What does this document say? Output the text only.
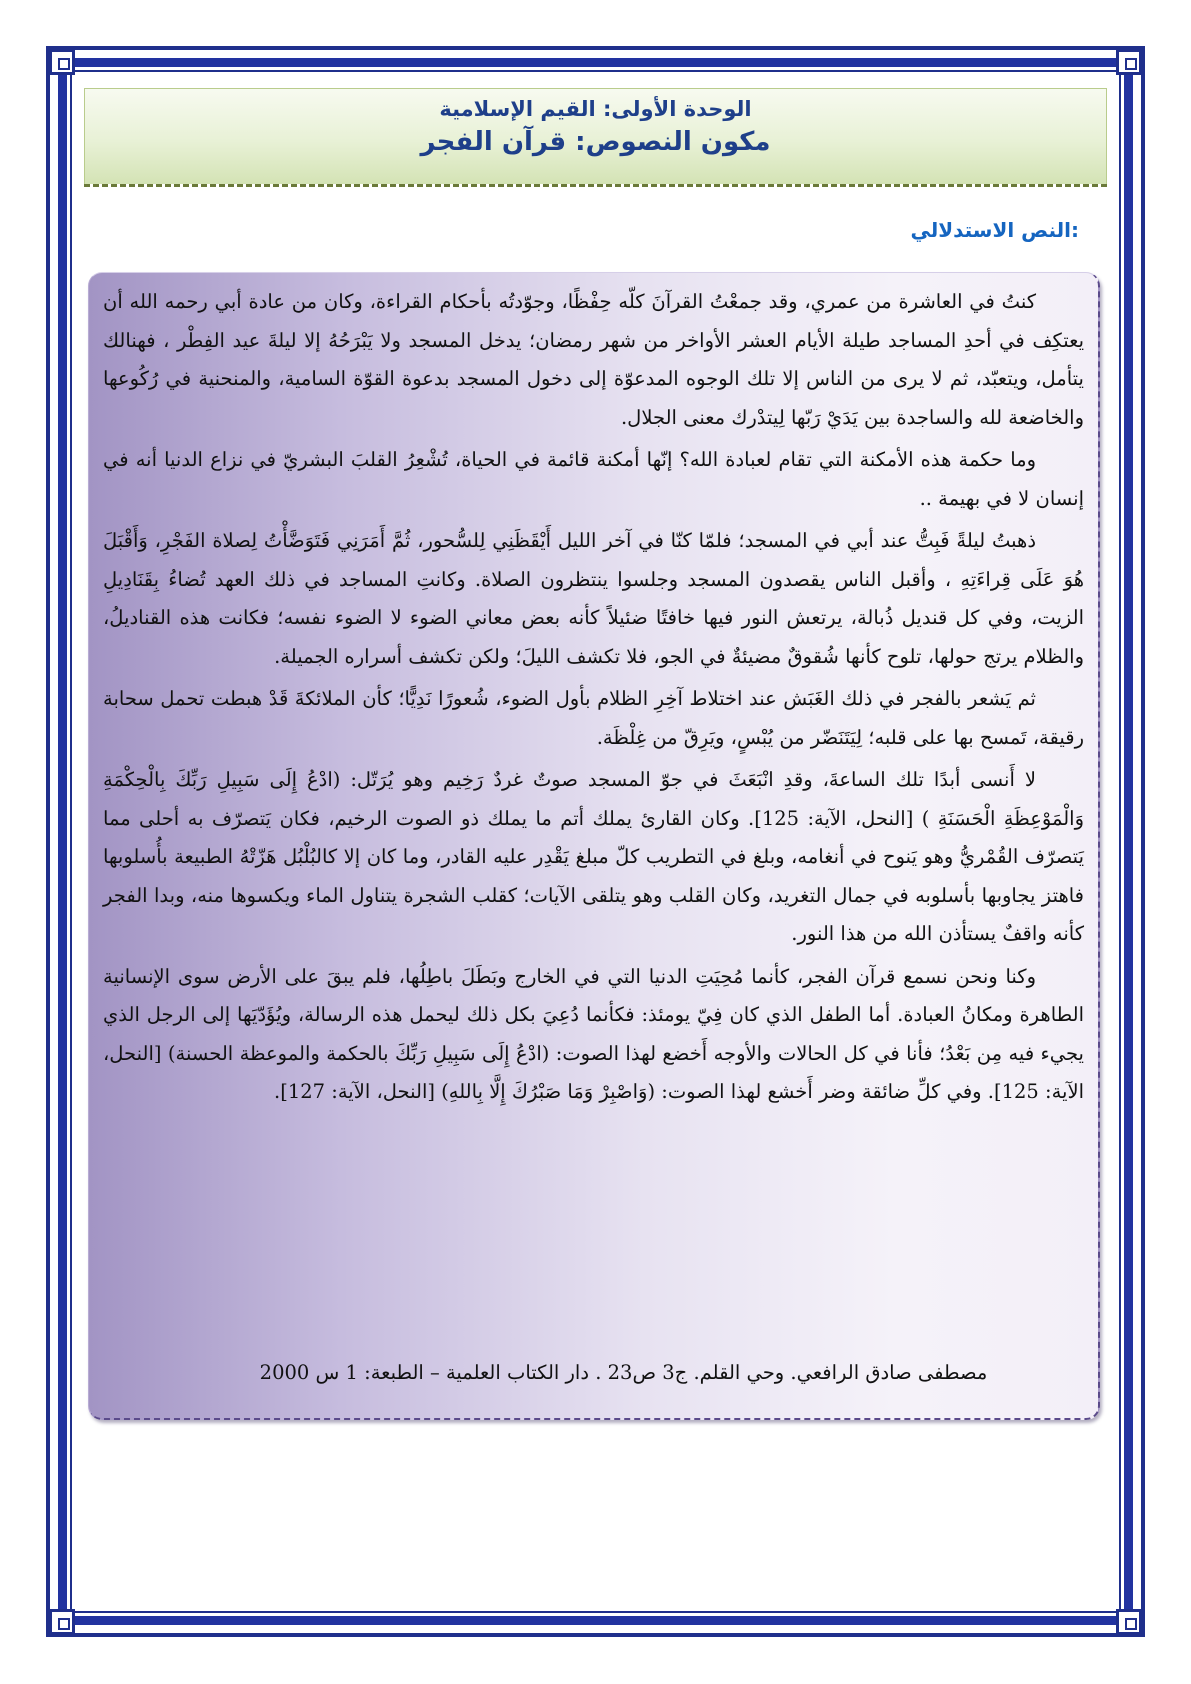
الوحدة الأولى: القيم الإسلامية
مكون النصوص: قرآن الفجر
النص الاستدلالي:

كنتُ في العاشرة من عمري، وقد جمعْتُ القرآنَ كلّه حِفْظًا، وجوّدتُه بأحكام القراءة، وكان من عادة أبي رحمه الله أن يعتكِف في أحدِ المساجد طيلة الأيام العشر الأواخر من شهر رمضان؛ يدخل المسجد ولا يَبْرَحُهُ إلا ليلةَ عيد الفِطْر ، فهنالك يتأمل، ويتعبّد، ثم لا يرى من الناس إلا تلك الوجوه المدعوّة إلى دخول المسجد بدعوة القوّة السامية، والمنحنية في رُكُوعها والخاضعة لله والساجدة بين يَدَيْ رَبّها لِيتدْرك معنى الجلال.

وما حكمة هذه الأمكنة التي تقام لعبادة الله؟ إنّها أمكنة قائمة في الحياة، تُشْعِرُ القلبَ البشريّ في نزاع الدنيا أنه في إنسان لا في بهيمة ..

ذهبتُ ليلةً فَبِتُّ عند أبي في المسجد؛ فلمّا كنّا في آخر الليل أَيْقَظَنِي لِلسُّحور، ثُمَّ أَمَرَنِي فَتَوَضَّأْتُ لِصلاة الفَجْرِ، وَأَقْبَلَ هُوَ عَلَى قِراءَتِهِ ، وأقبل الناس يقصدون المسجد وجلسوا ينتظرون الصلاة. وكانتِ المساجد في ذلك العهد تُضاءُ بِقَنَادِيلِ الزيت، وفي كل قنديل ذُبالة، يرتعش النور فيها خافتًا ضئيلاً كأنه بعض معاني الضوء لا الضوء نفسه؛ فكانت هذه القناديلُ، والظلام يرتج حولها، تلوح كأنها شُقوقٌ مضيئةٌ في الجو، فلا تكشف الليلَ؛ ولكن تكشف أسراره الجميلة.

ثم يَشعر بالفجر في ذلك الغَبَش عند اختلاط آخِرِ الظلام بأول الضوء، شُعورًا نَدِيًّا؛ كأن الملائكةَ قَدْ هبطت تحمل سحابة رقيقة، تَمسح بها على قلبه؛ لِيَتَنَضّر من يُبْسٍ، ويَرِقّ من غِلْظَة.

لا أَنسى أبدًا تلك الساعةَ، وقدِ انْبَعَثَ في جوّ المسجد صوتٌ غردٌ رَخِيم وهو يُرَتّل: (ادْعُ إِلَى سَبِيلِ رَبِّكَ بِالْحِكْمَةِ وَالْمَوْعِظَةِ الْحَسَنَةِ ) [النحل، الآية: 125]. وكان القارئ يملك أتم ما يملك ذو الصوت الرخيم، فكان يَتصرّف به أحلى مما يَتصرّف القُمْريُّ وهو يَنوح في أنغامه، وبلغ في التطريب كلّ مبلغ يَقْدِر عليه القادر، وما كان إلا كالبُلْبُل هَزّتْهُ الطبيعة بأُسلوبها فاهتز يجاوبها بأسلوبه في جمال التغريد، وكان القلب وهو يتلقى الآيات؛ كقلب الشجرة يتناول الماء ويكسوها منه، وبدا الفجر كأنه واقفٌ يستأذن الله من هذا النور.

وكنا ونحن نسمع قرآن الفجر، كأنما مُحِيَتِ الدنيا التي في الخارج وبَطَلَ باطِلُها، فلم يبقَ على الأرض سوى الإنسانية الطاهرة ومكانُ العبادة. أما الطفل الذي كان فِيّ يومئذ: فكأنما دُعِيَ بكل ذلك ليحمل هذه الرسالة، ويُؤَدّيَها إلى الرجل الذي يجيء فيه مِن بَعْدُ؛ فأنا في كل الحالات والأوجه أَخضع لهذا الصوت: (ادْعُ إِلَى سَبِيلِ رَبِّكَ بالحكمة والموعظة الحسنة) [النحل، الآية: 125]. وفي كلِّ ضائقة وضر أَخشع لهذا الصوت: (وَاصْبِرْ وَمَا صَبْرُكَ إِلَّا بِاللهِ) [النحل، الآية: 127].

مصطفى صادق الرافعي. وحي القلم. ج3 ص23 . دار الكتاب العلمية – الطبعة: 1 س 2000
